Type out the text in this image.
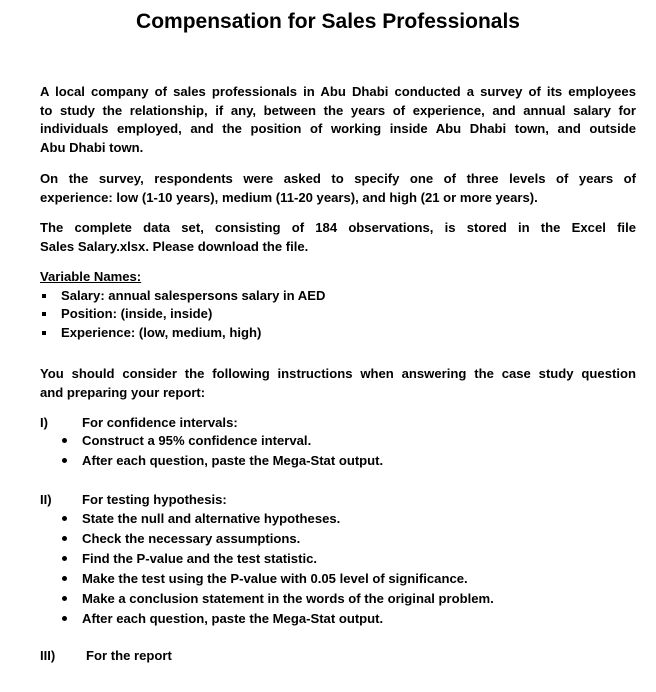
Compensation for Sales Professionals
A local company of sales professionals in Abu Dhabi conducted a survey of its employees
to study the relationship, if any, between the years of experience, and annual salary for
individuals employed, and the position of working inside Abu Dhabi town, and outside
Abu Dhabi town.
On the survey, respondents were asked to specify one of three levels of years of
experience: low (1-10 years), medium (11-20 years), and high (21 or more years).
The complete data set, consisting of 184 observations, is stored in the Excel file
Sales Salary.xlsx. Please download the file.
Variable Names:
Salary: annual salespersons salary in AED
Position: (inside, inside)
Experience: (low, medium, high)
You should consider the following instructions when answering the case study question
and preparing your report:
I)	For confidence intervals:
Construct a 95% confidence interval.
After each question, paste the Mega-Stat output.
II) For testing hypothesis:
State the null and alternative hypotheses.
Check the necessary assumptions.
Find the P-value and the test statistic.
Make the test using the P-value with 0.05 level of significance.
Make a conclusion statement in the words of the original problem.
After each question, paste the Mega-Stat output.
III) For the report
